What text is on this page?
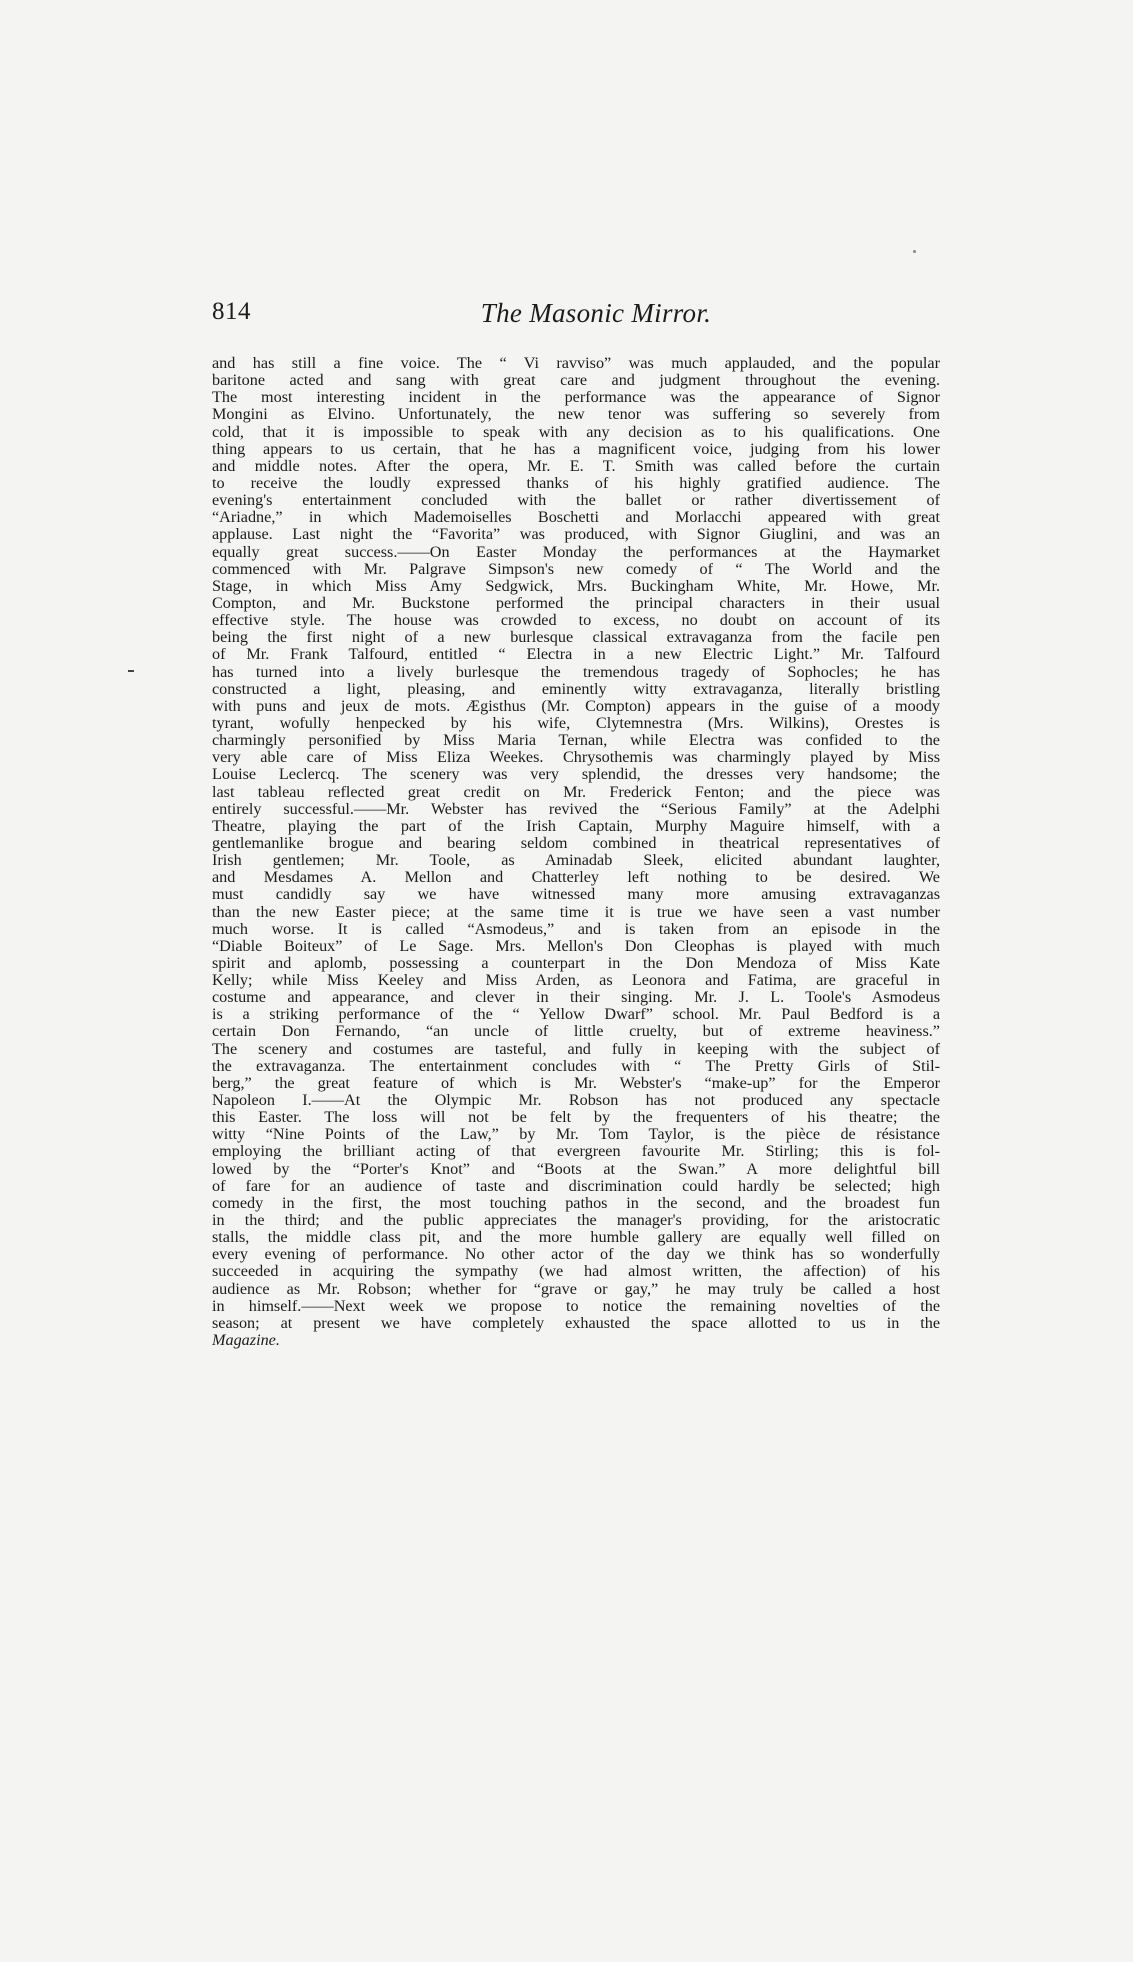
814	The Masonic Mirror.
and has still a fine voice. The “ Vi ravviso” was much applauded, and the popular
baritone acted and sang with great care and judgment throughout the evening.
The most interesting incident in the performance was the appearance of Signor
Mongini as Elvino. Unfortunately, the new tenor was suffering so severely from
cold, that it is impossible to speak with any decision as to his qualifications. One
thing appears to us certain, that he has a magnificent voice, judging from his lower
and middle notes. After the opera, Mr. E. T. Smith was called before the curtain
to receive the loudly expressed thanks of his highly gratified audience. The
evening's entertainment concluded with the ballet or rather divertissement of
“Ariadne,” in which Mademoiselles Boschetti and Morlacchi appeared with great
applause. Last night the “Favorita” was produced, with Signor Giuglini, and was an
equally great success.——On Easter Monday the performances at the Haymarket
commenced with Mr. Palgrave Simpson's new comedy of “ The World and the
Stage, in which Miss Amy Sedgwick, Mrs. Buckingham White, Mr. Howe, Mr.
Compton, and Mr. Buckstone performed the principal characters in their usual
effective style. The house was crowded to excess, no doubt on account of its
being the first night of a new burlesque classical extravaganza from the facile pen
of Mr. Frank Talfourd, entitled “ Electra in a new Electric Light.” Mr. Talfourd
has turned into a lively burlesque the tremendous tragedy of Sophocles; he has
constructed a light, pleasing, and eminently witty extravaganza, literally bristling
with puns and jeux de mots. Ægisthus (Mr. Compton) appears in the guise of a moody
tyrant, wofully henpecked by his wife, Clytemnestra (Mrs. Wilkins), Orestes is
charmingly personified by Miss Maria Ternan, while Electra was confided to the
very able care of Miss Eliza Weekes. Chrysothemis was charmingly played by Miss
Louise Leclercq. The scenery was very splendid, the dresses very handsome; the
last tableau reflected great credit on Mr. Frederick Fenton; and the piece was
entirely successful.——Mr. Webster has revived the “Serious Family” at the Adelphi
Theatre, playing the part of the Irish Captain, Murphy Maguire himself, with a
gentlemanlike brogue and bearing seldom combined in theatrical representatives of
Irish gentlemen; Mr. Toole, as Aminadab Sleek, elicited abundant laughter,
and Mesdames A. Mellon and Chatterley left nothing to be desired. We
must candidly say we have witnessed many more amusing extravaganzas
than the new Easter piece; at the same time it is true we have seen a vast number
much worse. It is called “Asmodeus,” and is taken from an episode in the
“Diable Boiteux” of Le Sage. Mrs. Mellon's Don Cleophas is played with much
spirit and aplomb, possessing a counterpart in the Don Mendoza of Miss Kate
Kelly; while Miss Keeley and Miss Arden, as Leonora and Fatima, are graceful in
costume and appearance, and clever in their singing. Mr. J. L. Toole's Asmodeus
is a striking performance of the “ Yellow Dwarf” school. Mr. Paul Bedford is a
certain Don Fernando, “an uncle of little cruelty, but of extreme heaviness.”
The scenery and costumes are tasteful, and fully in keeping with the subject of
the extravaganza. The entertainment concludes with “ The Pretty Girls of Stil-
berg,” the great feature of which is Mr. Webster's “make-up” for the Emperor
Napoleon I.——At the Olympic Mr. Robson has not produced any spectacle
this Easter. The loss will not be felt by the frequenters of his theatre; the
witty “Nine Points of the Law,” by Mr. Tom Taylor, is the pièce de résistance
employing the brilliant acting of that evergreen favourite Mr. Stirling; this is fol-
lowed by the “Porter's Knot” and “Boots at the Swan.” A more delightful bill
of fare for an audience of taste and discrimination could hardly be selected; high
comedy in the first, the most touching pathos in the second, and the broadest fun
in the third; and the public appreciates the manager's providing, for the aristocratic
stalls, the middle class pit, and the more humble gallery are equally well filled on
every evening of performance. No other actor of the day we think has so wonderfully
succeeded in acquiring the sympathy (we had almost written, the affection) of his
audience as Mr. Robson; whether for “grave or gay,” he may truly be called a host
in himself.——Next week we propose to notice the remaining novelties of the
season; at present we have completely exhausted the space allotted to us in the
Magazine.
